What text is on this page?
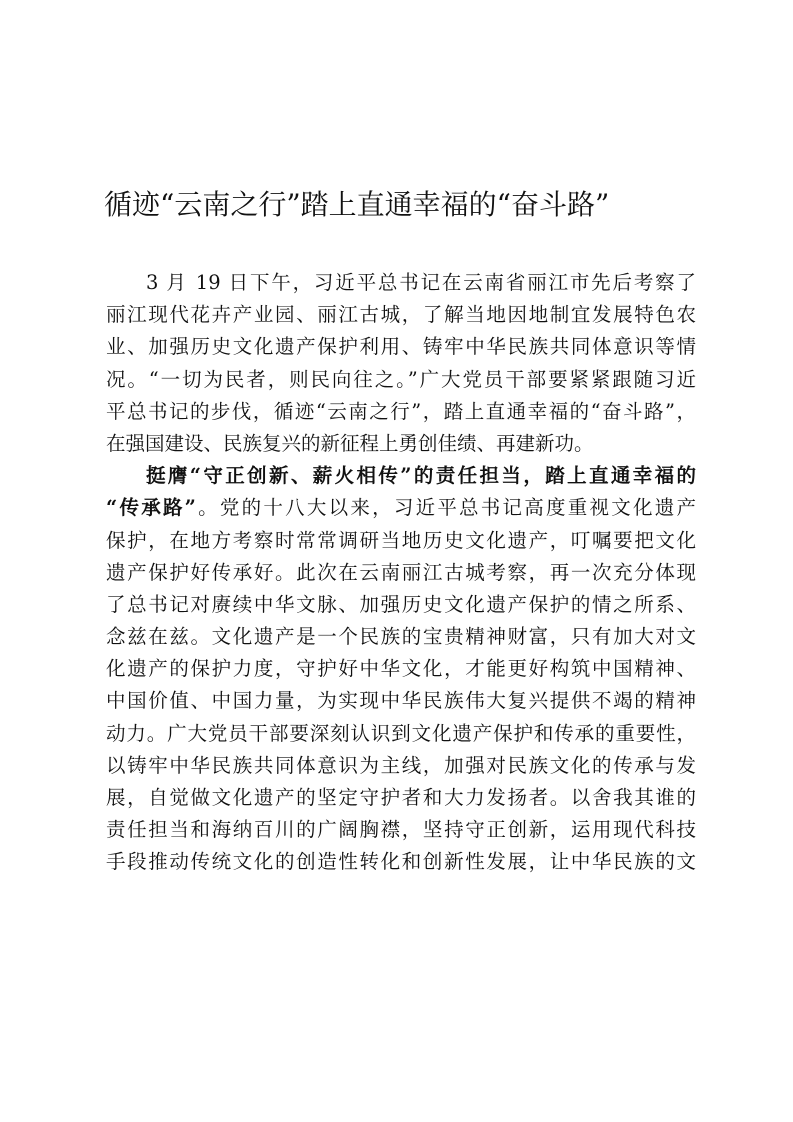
循迹“云南之行”踏上直通幸福的“奋斗路”
3 月 19 日下午，习近平总书记在云南省丽江市先后考察了
丽江现代花卉产业园、丽江古城，了解当地因地制宜发展特色农
业、加强历史文化遗产保护利用、铸牢中华民族共同体意识等情
况。“一切为民者，则民向往之。”广大党员干部要紧紧跟随习近
平总书记的步伐，循迹“云南之行”，踏上直通幸福的“奋斗路”，
在强国建设、民族复兴的新征程上勇创佳绩、再建新功。
挺膺“守正创新、薪火相传”的责任担当，踏上直通幸福的
“传承路”。党的十八大以来，习近平总书记高度重视文化遗产
保护，在地方考察时常常调研当地历史文化遗产，叮嘱要把文化
遗产保护好传承好。此次在云南丽江古城考察，再一次充分体现
了总书记对赓续中华文脉、加强历史文化遗产保护的情之所系、
念兹在兹。文化遗产是一个民族的宝贵精神财富，只有加大对文
化遗产的保护力度，守护好中华文化，才能更好构筑中国精神、
中国价值、中国力量，为实现中华民族伟大复兴提供不竭的精神
动力。广大党员干部要深刻认识到文化遗产保护和传承的重要性，
以铸牢中华民族共同体意识为主线，加强对民族文化的传承与发
展，自觉做文化遗产的坚定守护者和大力发扬者。以舍我其谁的
责任担当和海纳百川的广阔胸襟，坚持守正创新，运用现代科技
手段推动传统文化的创造性转化和创新性发展，让中华民族的文
